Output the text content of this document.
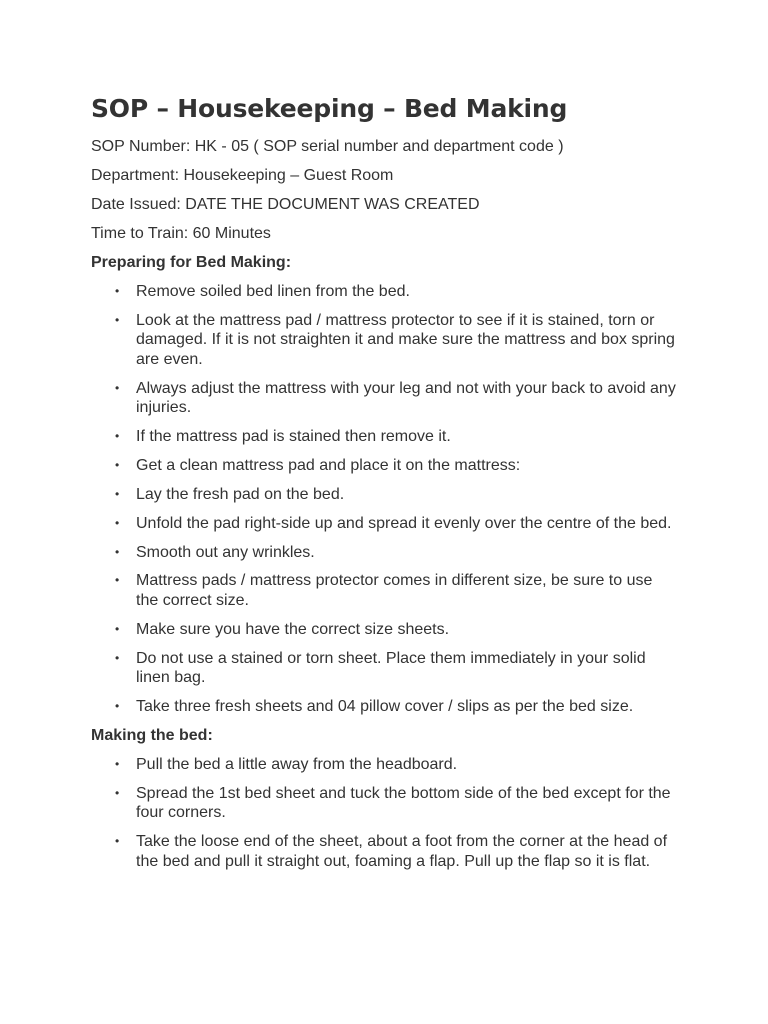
SOP – Housekeeping – Bed Making

SOP Number: HK - 05 ( SOP serial number and department code )

Department: Housekeeping – Guest Room

Date Issued: DATE THE DOCUMENT WAS CREATED

Time to Train: 60 Minutes

Preparing for Bed Making:

• Remove soiled bed linen from the bed.
• Look at the mattress pad / mattress protector to see if it is stained, torn or damaged. If it is not straighten it and make sure the mattress and box spring are even.
• Always adjust the mattress with your leg and not with your back to avoid any injuries.
• If the mattress pad is stained then remove it.
• Get a clean mattress pad and place it on the mattress:
• Lay the fresh pad on the bed.
• Unfold the pad right-side up and spread it evenly over the centre of the bed.
• Smooth out any wrinkles.
• Mattress pads / mattress protector comes in different size, be sure to use the correct size.
• Make sure you have the correct size sheets.
• Do not use a stained or torn sheet. Place them immediately in your solid linen bag.
• Take three fresh sheets and 04 pillow cover / slips as per the bed size.

Making the bed:

• Pull the bed a little away from the headboard.
• Spread the 1st bed sheet and tuck the bottom side of the bed except for the four corners.
• Take the loose end of the sheet, about a foot from the corner at the head of the bed and pull it straight out, foaming a flap. Pull up the flap so it is flat.
